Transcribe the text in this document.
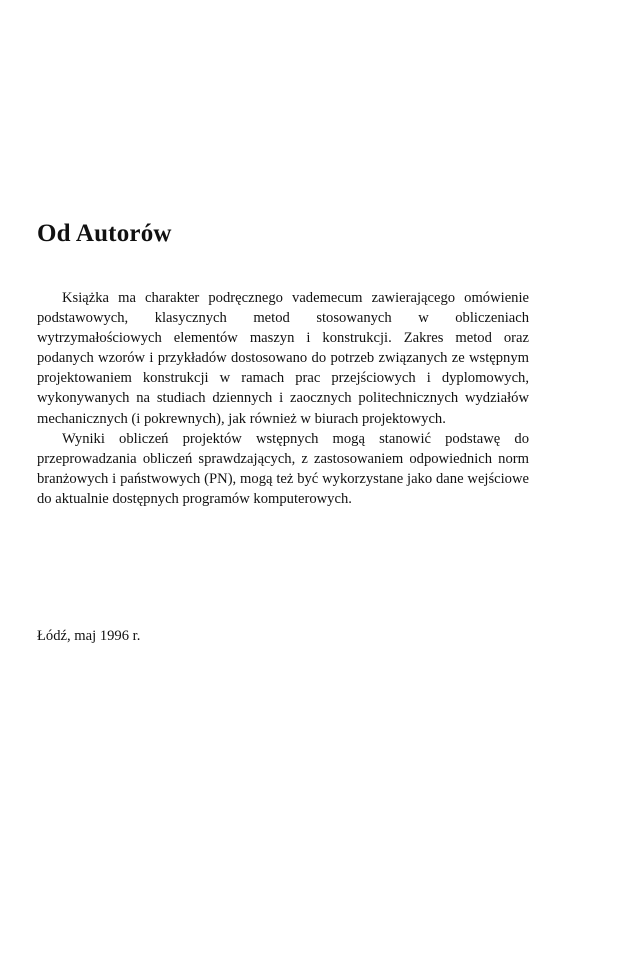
Od Autorów

Książka ma charakter podręcznego vademecum zawierającego omówienie podstawowych, klasycznych metod stosowanych w obliczeniach wytrzymałościowych elementów maszyn i konstrukcji. Zakres metod oraz podanych wzorów i przykładów dostosowano do potrzeb związanych ze wstępnym projektowaniem konstrukcji w ramach prac przejściowych i dyplomowych, wykonywanych na studiach dziennych i zaocznych politechnicznych wydziałów mechanicznych (i pokrewnych), jak również w biurach projektowych.

Wyniki obliczeń projektów wstępnych mogą stanowić podstawę do przeprowadzania obliczeń sprawdzających, z zastosowaniem odpowiednich norm branżowych i państwowych (PN), mogą też być wykorzystane jako dane wejściowe do aktualnie dostępnych programów komputerowych.

Łódź, maj 1996 r.
